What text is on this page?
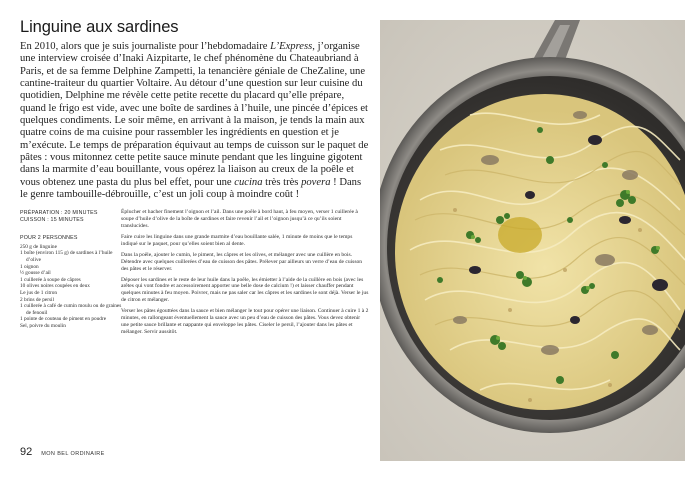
Linguine aux sardines

En 2010, alors que je suis journaliste pour l’hebdomadaire L’Express, j’organise une interview croisée d’Inaki Aizpitarte, le chef phénomène du Chateaubriand à Paris, et de sa femme Delphine Zampetti, la tenancière géniale de CheZaline, une cantine-traiteur du quartier Voltaire. Au détour d’une question sur leur cuisine du quotidien, Delphine me révèle cette petite recette du placard qu’elle prépare, quand le frigo est vide, avec une boîte de sardines à l’huile, une pincée d’épices et quelques condiments. Le soir même, en arrivant à la maison, je tends la main aux quatre coins de ma cuisine pour rassembler les ingrédients en question et je m’exécute. Le temps de préparation équivaut au temps de cuisson sur le paquet de pâtes : vous mitonnez cette petite sauce minute pendant que les linguine gigotent dans la marmite d’eau bouillante, vous opérez la liaison au creux de la poêle et vous obtenez une pasta du plus bel effet, pour une cucina très très povera ! Dans le genre tambouille-débrouille, c’est un joli coup à moindre coût !

PRÉPARATION : 20 MINUTES
CUISSON : 15 MINUTES
POUR 2 PERSONNES
250 g de linguine
1 boîte (environ 115 g) de sardines à l’huile d’olive
1 oignon
½ gousse d’ail
1 cuillerée à soupe de câpres
10 olives noires coupées en deux
Le jus de 1 citron
2 brins de persil
1 cuillerée à café de cumin moulu ou de graines de fenouil
1 pointe de couteau de piment en poudre
Sel, poivre du moulin

Éplucher et hacher finement l’oignon et l’ail. Dans une poêle à bord haut, à feu moyen, verser 1 cuillerée à soupe d’huile d’olive de la boîte de sardines et faire revenir l’ail et l’oignon jusqu’à ce qu’ils soient translucides.

Faire cuire les linguine dans une grande marmite d’eau bouillante salée, 1 minute de moins que le temps indiqué sur le paquet, pour qu’elles soient bien al dente.

Dans la poêle, ajouter le cumin, le piment, les câpres et les olives, et mélanger avec une cuillère en bois. Détendre avec quelques cuillerées d’eau de cuisson des pâtes. Prélever par ailleurs un verre d’eau de cuisson des pâtes et le réserver.

Déposer les sardines et le reste de leur huile dans la poêle, les émietter à l’aide de la cuillère en bois (avec les arêtes qui vont fondre et accessoirement apporter une belle dose de calcium !) et laisser chauffer pendant quelques minutes à feu moyen. Poivrer, mais ne pas saler car les câpres et les sardines le sont déjà. Verser le jus de citron et mélanger.

Verser les pâtes égouttées dans la sauce et bien mélanger le tout pour opérer une liaison. Continuer à cuire 1 à 2 minutes, en rallongeant éventuellement la sauce avec un peu d’eau de cuisson des pâtes. Vous devez obtenir une petite sauce brillante et nappante qui enveloppe les pâtes. Ciseler le persil, l’ajouter dans les pâtes et mélanger. Servir aussitôt.

92 MON BEL ORDINAIRE
